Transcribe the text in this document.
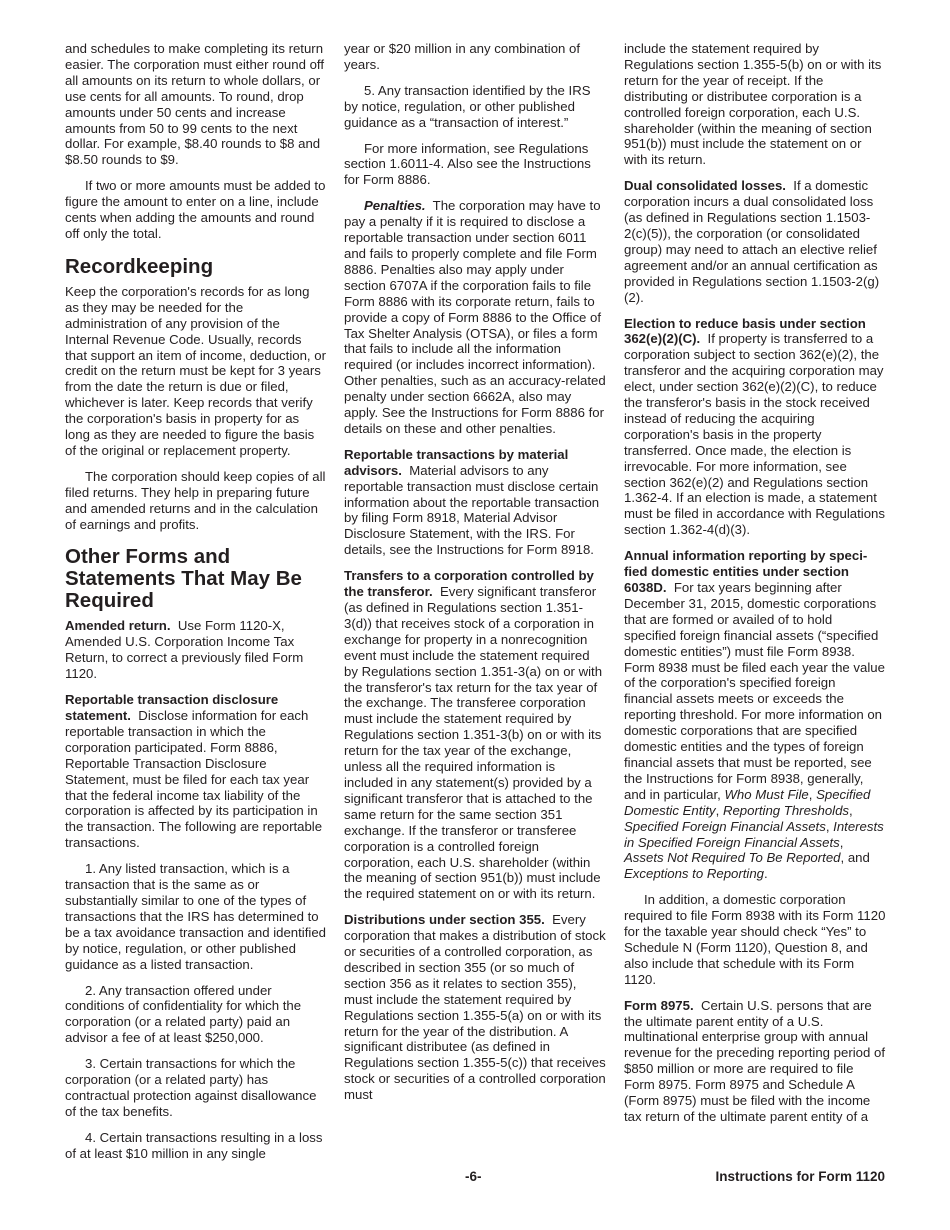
and schedules to make completing its return easier. The corporation must either round off all amounts on its return to whole dollars, or use cents for all amounts. To round, drop amounts under 50 cents and increase amounts from 50 to 99 cents to the next dollar. For example, $8.40 rounds to $8 and $8.50 rounds to $9.

If two or more amounts must be added to figure the amount to enter on a line, include cents when adding the amounts and round off only the total.

Recordkeeping

Keep the corporation's records for as long as they may be needed for the administration of any provision of the Internal Revenue Code. Usually, records that support an item of income, deduction, or credit on the return must be kept for 3 years from the date the return is due or filed, whichever is later. Keep records that verify the corporation's basis in property for as long as they are needed to figure the basis of the original or replacement property.

The corporation should keep copies of all filed returns. They help in preparing future and amended returns and in the calculation of earnings and profits.

Other Forms and Statements That May Be Required

Amended return. Use Form 1120-X, Amended U.S. Corporation Income Tax Return, to correct a previously filed Form 1120.

Reportable transaction disclosure statement. Disclose information for each reportable transaction in which the corporation participated. Form 8886, Reportable Transaction Disclosure Statement, must be filed for each tax year that the federal income tax liability of the corporation is affected by its participation in the transaction. The following are reportable transactions.

1. Any listed transaction, which is a transaction that is the same as or substantially similar to one of the types of transactions that the IRS has determined to be a tax avoidance transaction and identified by notice, regulation, or other published guidance as a listed transaction.

2. Any transaction offered under conditions of confidentiality for which the corporation (or a related party) paid an advisor a fee of at least $250,000.

3. Certain transactions for which the corporation (or a related party) has contractual protection against disallowance of the tax benefits.

4. Certain transactions resulting in a loss of at least $10 million in any single

year or $20 million in any combination of years.

5. Any transaction identified by the IRS by notice, regulation, or other published guidance as a “transaction of interest.”

For more information, see Regulations section 1.6011-4. Also see the Instructions for Form 8886.

Penalties. The corporation may have to pay a penalty if it is required to disclose a reportable transaction under section 6011 and fails to properly complete and file Form 8886. Penalties also may apply under section 6707A if the corporation fails to file Form 8886 with its corporate return, fails to provide a copy of Form 8886 to the Office of Tax Shelter Analysis (OTSA), or files a form that fails to include all the information required (or includes incorrect information). Other penalties, such as an accuracy-related penalty under section 6662A, also may apply. See the Instructions for Form 8886 for details on these and other penalties.

Reportable transactions by material advisors. Material advisors to any reportable transaction must disclose certain information about the reportable transaction by filing Form 8918, Material Advisor Disclosure Statement, with the IRS. For details, see the Instructions for Form 8918.

Transfers to a corporation controlled by the transferor. Every significant transferor (as defined in Regulations section 1.351-3(d)) that receives stock of a corporation in exchange for property in a nonrecognition event must include the statement required by Regulations section 1.351-3(a) on or with the transferor's tax return for the tax year of the exchange. The transferee corporation must include the statement required by Regulations section 1.351-3(b) on or with its return for the tax year of the exchange, unless all the required information is included in any statement(s) provided by a significant transferor that is attached to the same return for the same section 351 exchange. If the transferor or transferee corporation is a controlled foreign corporation, each U.S. shareholder (within the meaning of section 951(b)) must include the required statement on or with its return.

Distributions under section 355. Every corporation that makes a distribution of stock or securities of a controlled corporation, as described in section 355 (or so much of section 356 as it relates to section 355), must include the statement required by Regulations section 1.355-5(a) on or with its return for the year of the distribution. A significant distributee (as defined in Regulations section 1.355-5(c)) that receives stock or securities of a controlled corporation must

include the statement required by Regulations section 1.355-5(b) on or with its return for the year of receipt. If the distributing or distributee corporation is a controlled foreign corporation, each U.S. shareholder (within the meaning of section 951(b)) must include the statement on or with its return.

Dual consolidated losses. If a domestic corporation incurs a dual consolidated loss (as defined in Regulations section 1.1503-2(c)(5)), the corporation (or consolidated group) may need to attach an elective relief agreement and/or an annual certification as provided in Regulations section 1.1503-2(g)(2).

Election to reduce basis under section 362(e)(2)(C). If property is transferred to a corporation subject to section 362(e)(2), the transferor and the acquiring corporation may elect, under section 362(e)(2)(C), to reduce the transferor's basis in the stock received instead of reducing the acquiring corporation's basis in the property transferred. Once made, the election is irrevocable. For more information, see section 362(e)(2) and Regulations section 1.362-4. If an election is made, a statement must be filed in accordance with Regulations section 1.362-4(d)(3).

Annual information reporting by specified domestic entities under section 6038D. For tax years beginning after December 31, 2015, domestic corporations that are formed or availed of to hold specified foreign financial assets (“specified domestic entities”) must file Form 8938. Form 8938 must be filed each year the value of the corporation's specified foreign financial assets meets or exceeds the reporting threshold. For more information on domestic corporations that are specified domestic entities and the types of foreign financial assets that must be reported, see the Instructions for Form 8938, generally, and in particular, Who Must File, Specified Domestic Entity, Reporting Thresholds, Specified Foreign Financial Assets, Interests in Specified Foreign Financial Assets, Assets Not Required To Be Reported, and Exceptions to Reporting.

In addition, a domestic corporation required to file Form 8938 with its Form 1120 for the taxable year should check “Yes” to Schedule N (Form 1120), Question 8, and also include that schedule with its Form 1120.

Form 8975. Certain U.S. persons that are the ultimate parent entity of a U.S. multinational enterprise group with annual revenue for the preceding reporting period of $850 million or more are required to file Form 8975. Form 8975 and Schedule A (Form 8975) must be filed with the income tax return of the ultimate parent entity of a

-6-	Instructions for Form 1120
